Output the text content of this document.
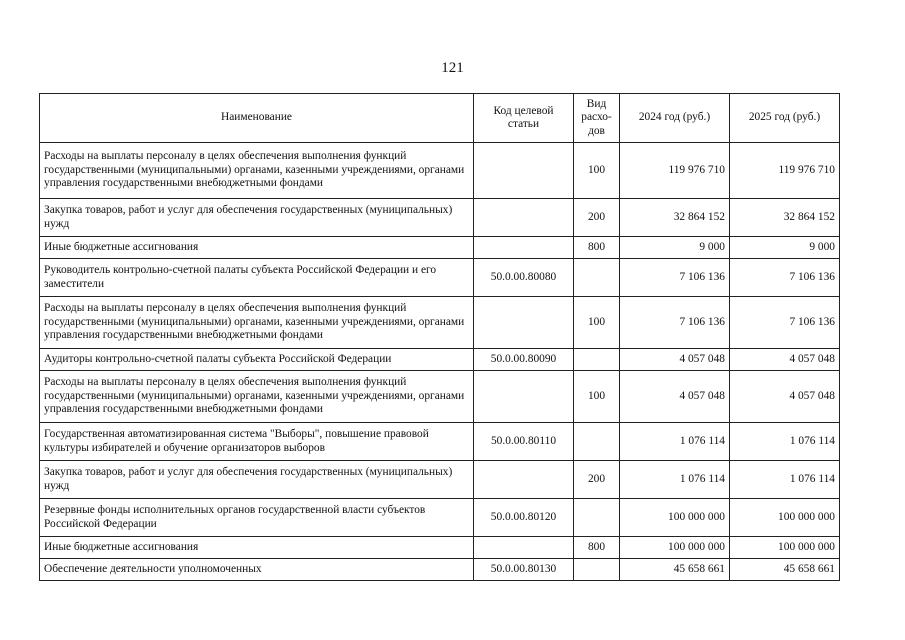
121
Наименование	Код целевой статьи	Вид расхо-дов	2024 год (руб.)	2025 год (руб.)
Расходы на выплаты персоналу в целях обеспечения выполнения функций государственными (муниципальными) органами, казенными учреждениями, органами управления государственными внебюджетными фондами		100	119 976 710	119 976 710
Закупка товаров, работ и услуг для обеспечения государственных (муниципальных) нужд		200	32 864 152	32 864 152
Иные бюджетные ассигнования		800	9 000	9 000
Руководитель контрольно-счетной палаты субъекта Российской Федерации и его заместители	50.0.00.80080		7 106 136	7 106 136
Расходы на выплаты персоналу в целях обеспечения выполнения функций государственными (муниципальными) органами, казенными учреждениями, органами управления государственными внебюджетными фондами		100	7 106 136	7 106 136
Аудиторы контрольно-счетной палаты субъекта Российской Федерации	50.0.00.80090		4 057 048	4 057 048
Расходы на выплаты персоналу в целях обеспечения выполнения функций государственными (муниципальными) органами, казенными учреждениями, органами управления государственными внебюджетными фондами		100	4 057 048	4 057 048
Государственная автоматизированная система "Выборы", повышение правовой культуры избирателей и обучение организаторов выборов	50.0.00.80110		1 076 114	1 076 114
Закупка товаров, работ и услуг для обеспечения государственных (муниципальных) нужд		200	1 076 114	1 076 114
Резервные фонды исполнительных органов государственной власти субъектов Российской Федерации	50.0.00.80120		100 000 000	100 000 000
Иные бюджетные ассигнования		800	100 000 000	100 000 000
Обеспечение деятельности уполномоченных	50.0.00.80130		45 658 661	45 658 661
